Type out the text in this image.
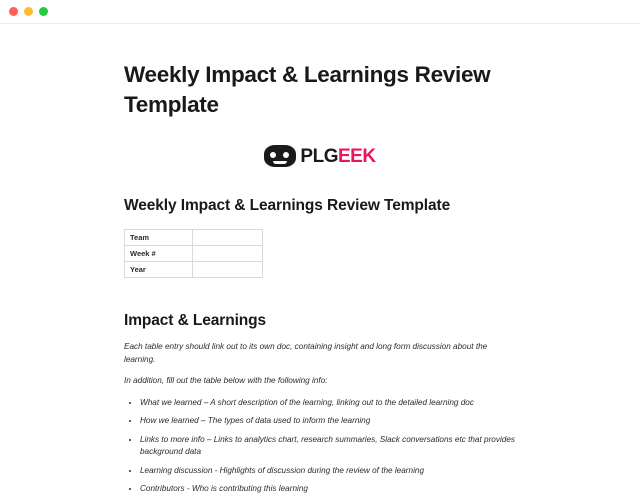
Weekly Impact & Learnings Review Template
PLGEEK
Weekly Impact & Learnings Review Template
Team	
Week #	
Year	
Impact & Learnings

Each table entry should link out to its own doc, containing insight and long form discussion about the learning.

In addition, fill out the table below with the following info:

• What we learned – A short description of the learning, linking out to the detailed learning doc
• How we learned – The types of data used to inform the learning
• Links to more info – Links to analytics chart, research summaries, Slack conversations etc that provides background data
• Learning discussion - Highlights of discussion during the review of the learning
• Contributors - Who is contributing this learning
